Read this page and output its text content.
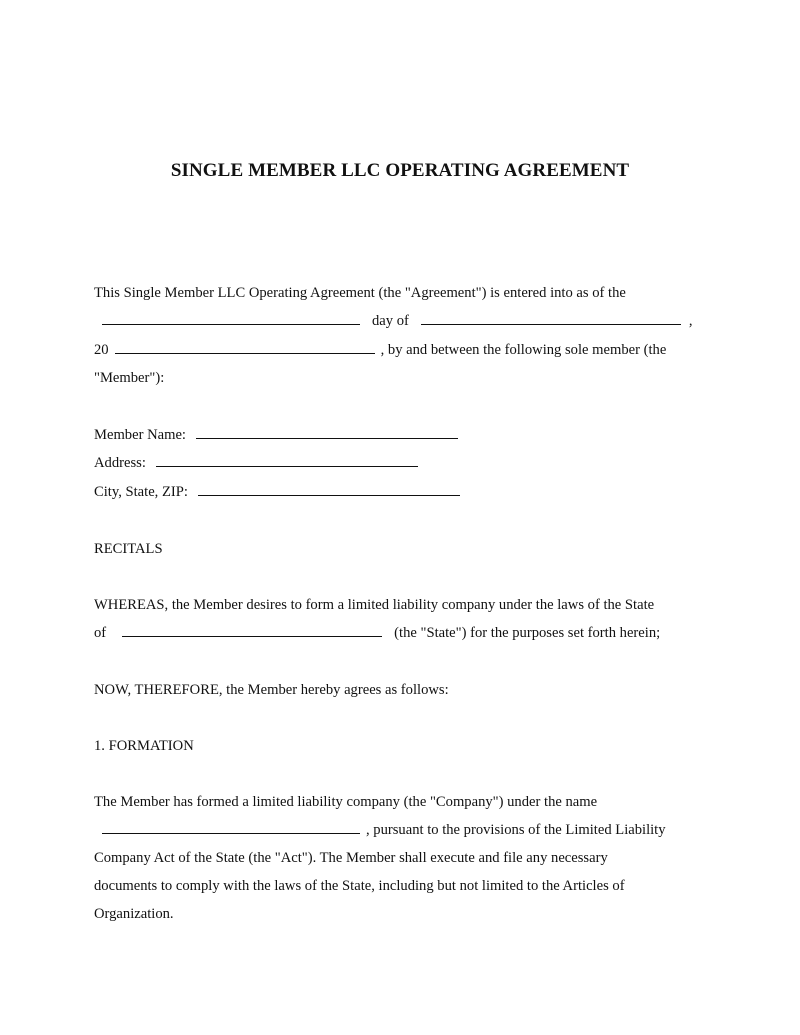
SINGLE MEMBER LLC OPERATING AGREEMENT
This Single Member LLC Operating Agreement (the "Agreement") is entered into as of the
day of	,
20	, by and between the following sole member (the
"Member"):
Member Name:
Address:
City, State, ZIP:
RECITALS
WHEREAS, the Member desires to form a limited liability company under the laws of the State
of	(the "State") for the purposes set forth herein;
NOW, THEREFORE, the Member hereby agrees as follows:
1. FORMATION
The Member has formed a limited liability company (the "Company") under the name
, pursuant to the provisions of the Limited Liability
Company Act of the State (the "Act"). The Member shall execute and file any necessary
documents to comply with the laws of the State, including but not limited to the Articles of
Organization.
